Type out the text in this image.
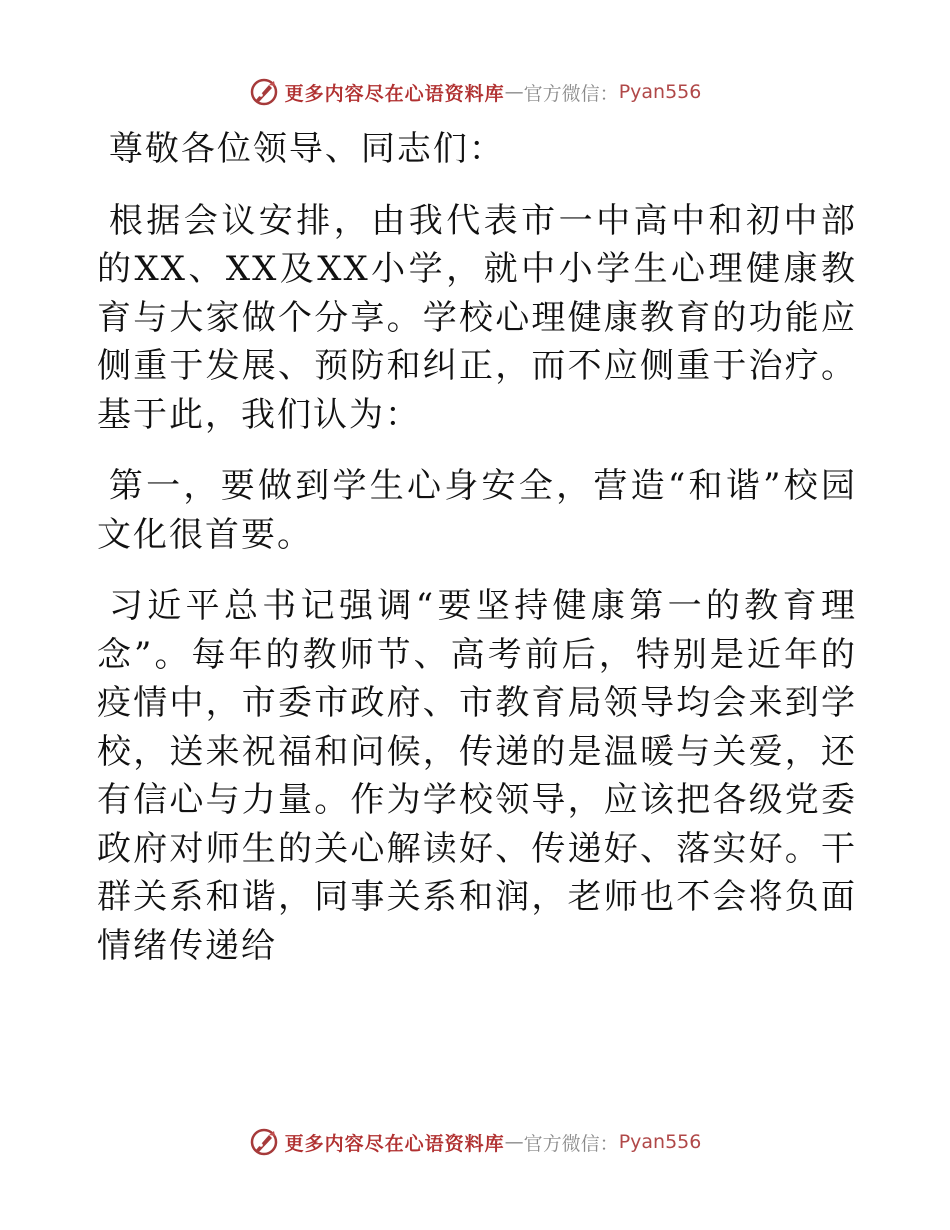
更多内容尽在心语资料库 — 官方微信： Pyan556

尊敬各位领导、同志们：

根据会议安排，由我代表市一中高中和初中部的XX、XX及XX小学，就中小学生心理健康教育与大家做个分享。学校心理健康教育的功能应侧重于发展、预防和纠正，而不应侧重于治疗。基于此，我们认为：

第一，要做到学生心身安全，营造“和谐”校园文化很首要。

习近平总书记强调“要坚持健康第一的教育理念”。每年的教师节、高考前后，特别是近年的疫情中，市委市政府、市教育局领导均会来到学校，送来祝福和问候，传递的是温暖与关爱，还有信心与力量。作为学校领导，应该把各级党委政府对师生的关心解读好、传递好、落实好。干群关系和谐，同事关系和润，老师也不会将负面情绪传递给

更多内容尽在心语资料库 — 官方微信： Pyan556
